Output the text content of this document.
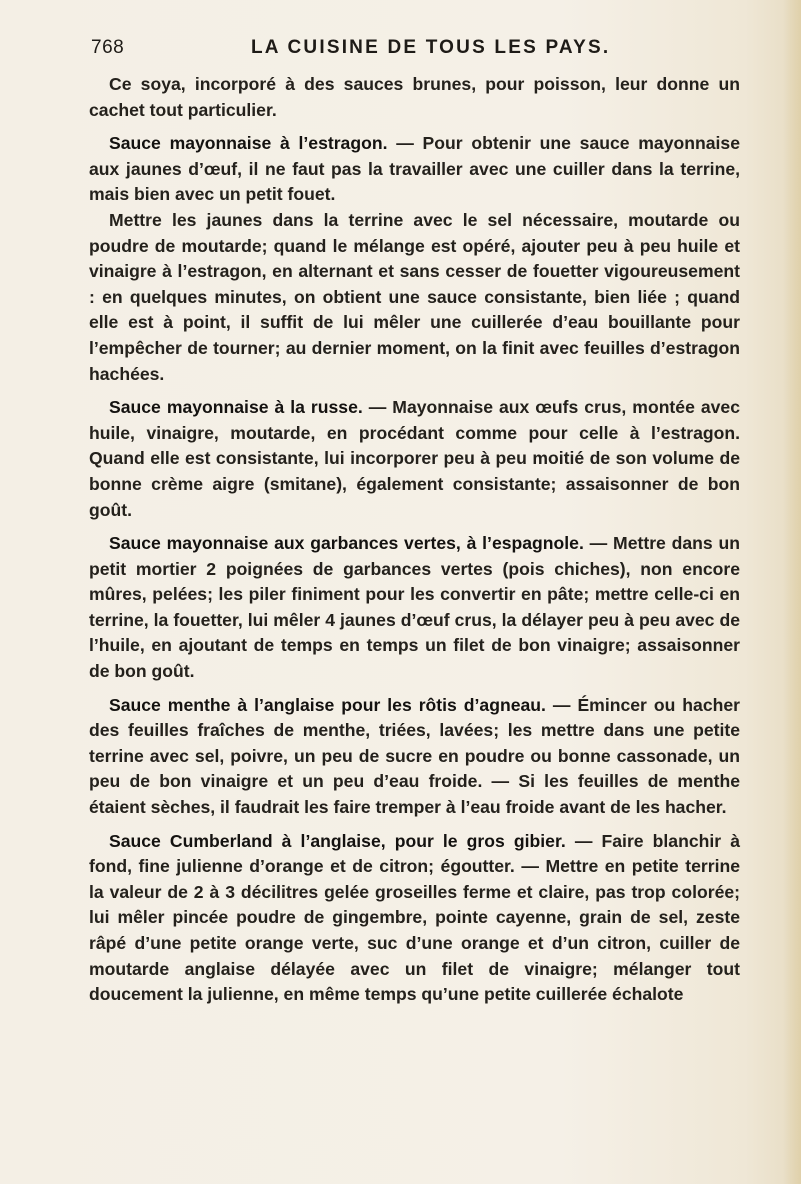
768	LA CUISINE DE TOUS LES PAYS.

Ce soya, incorporé à des sauces brunes, pour poisson, leur donne un cachet tout particulier.

Sauce mayonnaise à l’estragon. — Pour obtenir une sauce mayonnaise aux jaunes d’œuf, il ne faut pas la travailler avec une cuiller dans la terrine, mais bien avec un petit fouet.

Mettre les jaunes dans la terrine avec le sel nécessaire, moutarde ou poudre de moutarde; quand le mélange est opéré, ajouter peu à peu huile et vinaigre à l’estragon, en alternant et sans cesser de fouetter vigoureusement : en quelques minutes, on obtient une sauce consistante, bien liée ; quand elle est à point, il suffit de lui mêler une cuillerée d’eau bouillante pour l’empêcher de tourner; au dernier moment, on la finit avec feuilles d’estragon hachées.

Sauce mayonnaise à la russe. — Mayonnaise aux œufs crus, montée avec huile, vinaigre, moutarde, en procédant comme pour celle à l’estragon. Quand elle est consistante, lui incorporer peu à peu moitié de son volume de bonne crème aigre (smitane), également consistante; assaisonner de bon goût.

Sauce mayonnaise aux garbances vertes, à l’espagnole. — Mettre dans un petit mortier 2 poignées de garbances vertes (pois chiches), non encore mûres, pelées; les piler finiment pour les convertir en pâte; mettre celle-ci en terrine, la fouetter, lui mêler 4 jaunes d’œuf crus, la délayer peu à peu avec de l’huile, en ajoutant de temps en temps un filet de bon vinaigre; assaisonner de bon goût.

Sauce menthe à l’anglaise pour les rôtis d’agneau. — Émincer ou hacher des feuilles fraîches de menthe, triées, lavées; les mettre dans une petite terrine avec sel, poivre, un peu de sucre en poudre ou bonne cassonade, un peu de bon vinaigre et un peu d’eau froide. — Si les feuilles de menthe étaient sèches, il faudrait les faire tremper à l’eau froide avant de les hacher.

Sauce Cumberland à l’anglaise, pour le gros gibier. — Faire blanchir à fond, fine julienne d’orange et de citron; égoutter. — Mettre en petite terrine la valeur de 2 à 3 décilitres gelée groseilles ferme et claire, pas trop colorée; lui mêler pincée poudre de gingembre, pointe cayenne, grain de sel, zeste râpé d’une petite orange verte, suc d’une orange et d’un citron, cuiller de moutarde anglaise délayée avec un filet de vinaigre; mélanger tout doucement la julienne, en même temps qu’une petite cuillerée échalote
